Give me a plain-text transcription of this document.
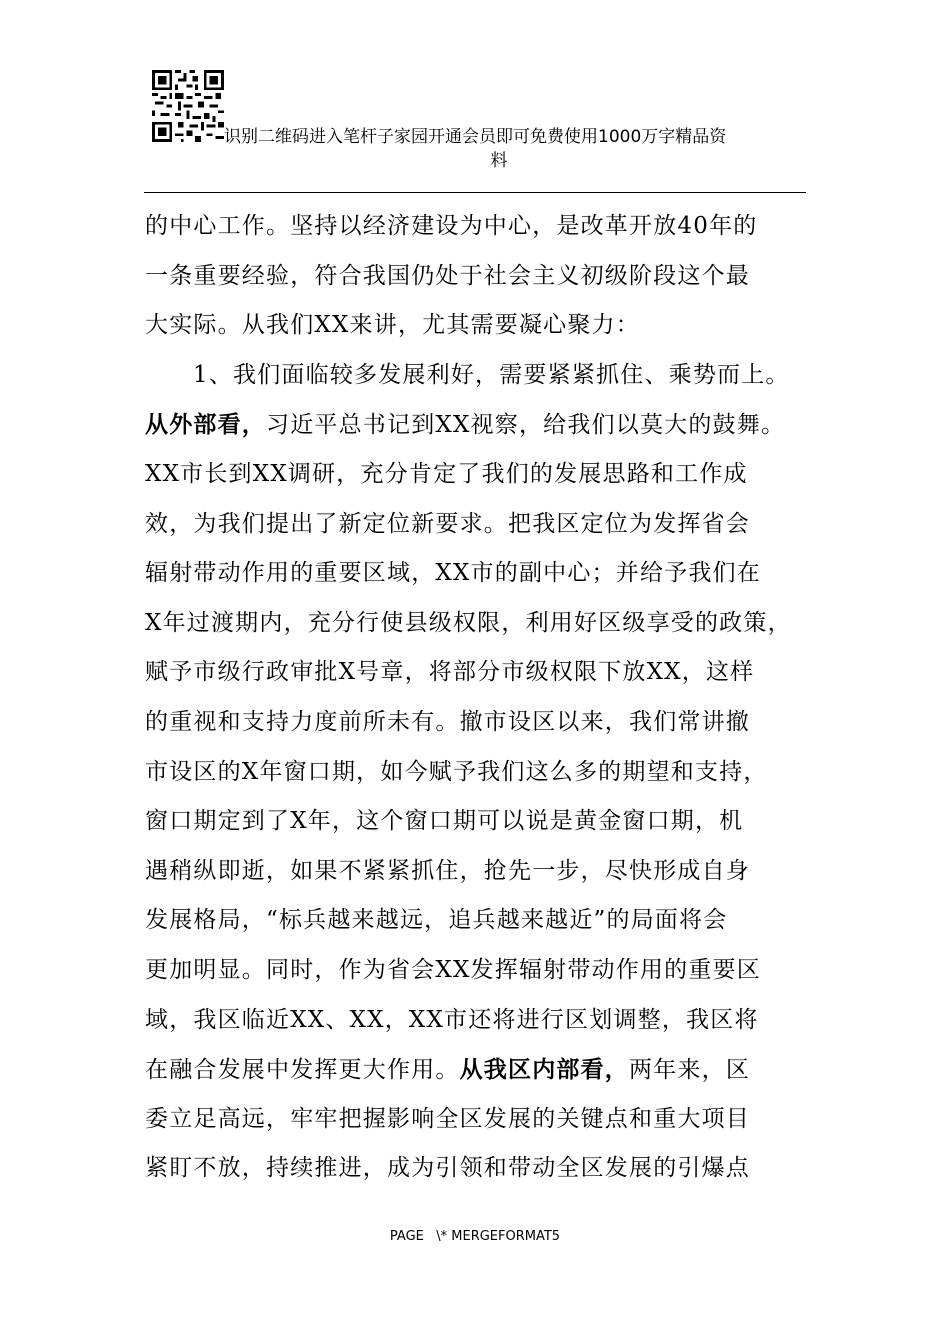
识别二维码进入笔杆子家园开通会员即可免费使用1000万字精品资
料
的中心工作。坚持以经济建设为中心，是改革开放40年的
一条重要经验，符合我国仍处于社会主义初级阶段这个最
大实际。从我们XX来讲，尤其需要凝心聚力：
1、我们面临较多发展利好，需要紧紧抓住、乘势而上。
从外部看，习近平总书记到XX视察，给我们以莫大的鼓舞。
XX市长到XX调研，充分肯定了我们的发展思路和工作成
效，为我们提出了新定位新要求。把我区定位为发挥省会
辐射带动作用的重要区域，XX市的副中心；并给予我们在
X年过渡期内，充分行使县级权限，利用好区级享受的政策，
赋予市级行政审批X号章，将部分市级权限下放XX，这样
的重视和支持力度前所未有。撤市设区以来，我们常讲撤
市设区的X年窗口期，如今赋予我们这么多的期望和支持，
窗口期定到了X年，这个窗口期可以说是黄金窗口期，机
遇稍纵即逝，如果不紧紧抓住，抢先一步，尽快形成自身
发展格局，“标兵越来越远，追兵越来越近”的局面将会
更加明显。同时，作为省会XX发挥辐射带动作用的重要区
域，我区临近XX、XX，XX市还将进行区划调整，我区将
在融合发展中发挥更大作用。从我区内部看，两年来，区
委立足高远，牢牢把握影响全区发展的关键点和重大项目
紧盯不放，持续推进，成为引领和带动全区发展的引爆点
PAGE   \* MERGEFORMAT5
